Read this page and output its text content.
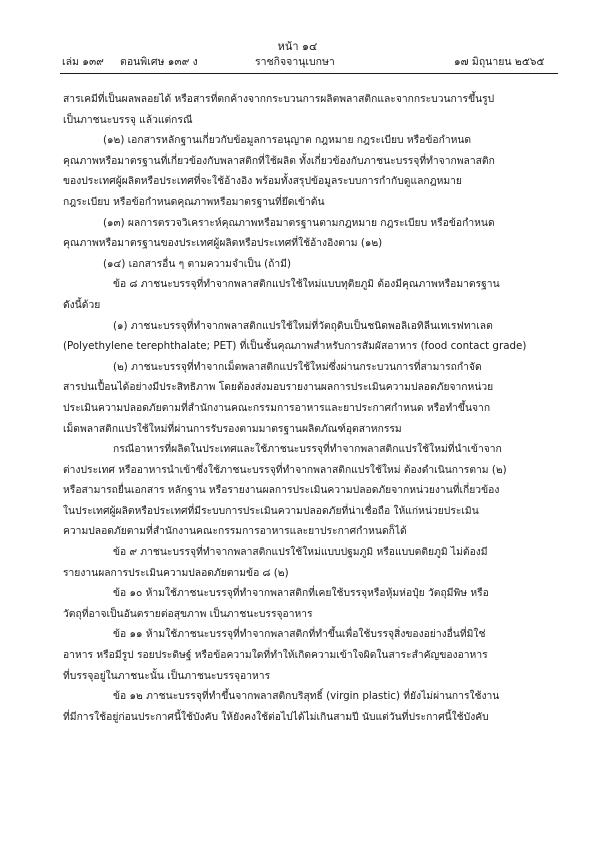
หน้า ๑๔
เล่ม ๑๓๙ ตอนพิเศษ ๑๓๙ ง	ราชกิจจานุเบกษา	๑๗ มิถุนายน ๒๕๖๕
สารเคมีที่เป็นผลพลอยได้ หรือสารที่ตกค้างจากกระบวนการผลิตพลาสติกและจากกระบวนการขึ้นรูป
เป็นภาชนะบรรจุ แล้วแต่กรณี
(๑๒) เอกสารหลักฐานเกี่ยวกับข้อมูลการอนุญาต กฎหมาย กฎระเบียบ หรือข้อกำหนด
คุณภาพหรือมาตรฐานที่เกี่ยวข้องกับพลาสติกที่ใช้ผลิต ทั้งเกี่ยวข้องกับภาชนะบรรจุที่ทำจากพลาสติก
ของประเทศผู้ผลิตหรือประเทศที่จะใช้อ้างอิง พร้อมทั้งสรุปข้อมูลระบบการกำกับดูแลกฎหมาย
กฎระเบียบ หรือข้อกำหนดคุณภาพหรือมาตรฐานที่ยึดเข้าต้น
(๑๓) ผลการตรวจวิเคราะห์คุณภาพหรือมาตรฐานตามกฎหมาย กฎระเบียบ หรือข้อกำหนด
คุณภาพหรือมาตรฐานของประเทศผู้ผลิตหรือประเทศที่ใช้อ้างอิงตาม (๑๒)
(๑๔) เอกสารอื่น ๆ ตามความจำเป็น (ถ้ามี)
ข้อ ๘ ภาชนะบรรจุที่ทำจากพลาสติกแปรใช้ใหม่แบบทุติยภูมิ ต้องมีคุณภาพหรือมาตรฐาน
ดังนี้ด้วย
(๑) ภาชนะบรรจุที่ทำจากพลาสติกแปรใช้ใหม่ที่วัตถุดิบเป็นชนิดพอลิเอทิลีนเทเรฟทาเลต
(Polyethylene terephthalate; PET) ที่เป็นชั้นคุณภาพสำหรับการสัมผัสอาหาร (food contact grade)
(๒) ภาชนะบรรจุที่ทำจากเม็ดพลาสติกแปรใช้ใหม่ซึ่งผ่านกระบวนการที่สามารถกำจัด
สารปนเปื้อนได้อย่างมีประสิทธิภาพ โดยต้องส่งมอบรายงานผลการประเมินความปลอดภัยจากหน่วย
ประเมินความปลอดภัยตามที่สำนักงานคณะกรรมการอาหารและยาประกาศกำหนด หรือทำขึ้นจาก
เม็ดพลาสติกแปรใช้ใหม่ที่ผ่านการรับรองตามมาตรฐานผลิตภัณฑ์อุตสาหกรรม
กรณีอาหารที่ผลิตในประเทศและใช้ภาชนะบรรจุที่ทำจากพลาสติกแปรใช้ใหม่ที่นำเข้าจาก
ต่างประเทศ หรืออาหารนำเข้าซึ่งใช้ภาชนะบรรจุที่ทำจากพลาสติกแปรใช้ใหม่ ต้องดำเนินการตาม (๒)
หรือสามารถยื่นเอกสาร หลักฐาน หรือรายงานผลการประเมินความปลอดภัยจากหน่วยงานที่เกี่ยวข้อง
ในประเทศผู้ผลิตหรือประเทศที่มีระบบการประเมินความปลอดภัยที่น่าเชื่อถือ ให้แก่หน่วยประเมิน
ความปลอดภัยตามที่สำนักงานคณะกรรมการอาหารและยาประกาศกำหนดก็ได้
ข้อ ๙ ภาชนะบรรจุที่ทำจากพลาสติกแปรใช้ใหม่แบบปฐมภูมิ หรือแบบตติยภูมิ ไม่ต้องมี
รายงานผลการประเมินความปลอดภัยตามข้อ ๘ (๒)
ข้อ ๑๐ ห้ามใช้ภาชนะบรรจุที่ทำจากพลาสติกที่เคยใช้บรรจุหรือหุ้มห่อปุ๋ย วัตถุมีพิษ หรือ
วัตถุที่อาจเป็นอันตรายต่อสุขภาพ เป็นภาชนะบรรจุอาหาร
ข้อ ๑๑ ห้ามใช้ภาชนะบรรจุที่ทำจากพลาสติกที่ทำขึ้นเพื่อใช้บรรจุสิ่งของอย่างอื่นที่มิใช่
อาหาร หรือมีรูป รอยประดิษฐ์ หรือข้อความใดที่ทำให้เกิดความเข้าใจผิดในสาระสำคัญของอาหาร
ที่บรรจุอยู่ในภาชนะนั้น เป็นภาชนะบรรจุอาหาร
ข้อ ๑๒ ภาชนะบรรจุที่ทำขึ้นจากพลาสติกบริสุทธิ์ (virgin plastic) ที่ยังไม่ผ่านการใช้งาน
ที่มีการใช้อยู่ก่อนประกาศนี้ใช้บังคับ ให้ยังคงใช้ต่อไปได้ไม่เกินสามปี นับแต่วันที่ประกาศนี้ใช้บังคับ
